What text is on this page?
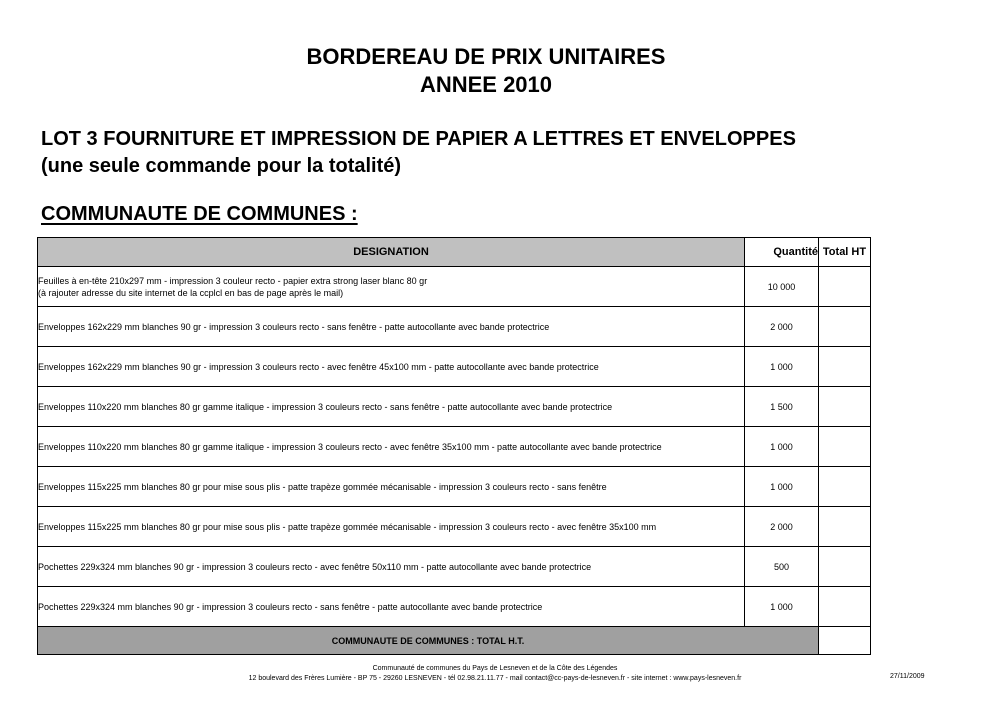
BORDEREAU DE PRIX UNITAIRES
ANNEE 2010
LOT 3 FOURNITURE ET IMPRESSION DE PAPIER A LETTRES ET ENVELOPPES
(une seule commande pour la totalité)
COMMUNAUTE DE COMMUNES :
DESIGNATION	Quantité	Total HT

Feuilles à en-tête 210x297 mm - impression 3 couleur recto - papier extra strong laser blanc 80 gr
(à rajouter adresse du site internet de la ccplcl en bas de page après le mail)	10 000	
Enveloppes 162x229 mm blanches 90 gr - impression 3 couleurs recto - sans fenêtre - patte autocollante avec bande protectrice	2 000	
Enveloppes 162x229 mm blanches 90 gr - impression 3 couleurs recto - avec fenêtre 45x100 mm - patte autocollante avec bande protectrice	1 000	
Enveloppes 110x220 mm blanches 80 gr gamme italique - impression 3 couleurs recto - sans fenêtre - patte autocollante avec bande protectrice	1 500	
Enveloppes 110x220 mm blanches 80 gr gamme italique - impression 3 couleurs recto - avec fenêtre 35x100 mm - patte autocollante avec bande protectrice	1 000	
Enveloppes 115x225 mm blanches 80 gr pour mise sous plis - patte trapèze gommée mécanisable - impression 3 couleurs recto - sans fenêtre	1 000	
Enveloppes 115x225 mm blanches 80 gr pour mise sous plis - patte trapèze gommée mécanisable - impression 3 couleurs recto - avec fenêtre 35x100 mm	2 000	
Pochettes 229x324 mm blanches 90 gr - impression 3 couleurs recto - avec fenêtre 50x110 mm - patte autocollante avec bande protectrice	500	
Pochettes 229x324 mm blanches 90 gr - impression 3 couleurs recto - sans fenêtre - patte autocollante avec bande protectrice	1 000	
COMMUNAUTE DE COMMUNES : TOTAL H.T.		
Communauté de communes du Pays de Lesneven et de la Côte des Légendes
12 boulevard des Frères Lumière - BP 75 - 29260 LESNEVEN - tél 02.98.21.11.77 - mail contact@cc-pays-de-lesneven.fr - site internet : www.pays-lesneven.fr	27/11/2009
